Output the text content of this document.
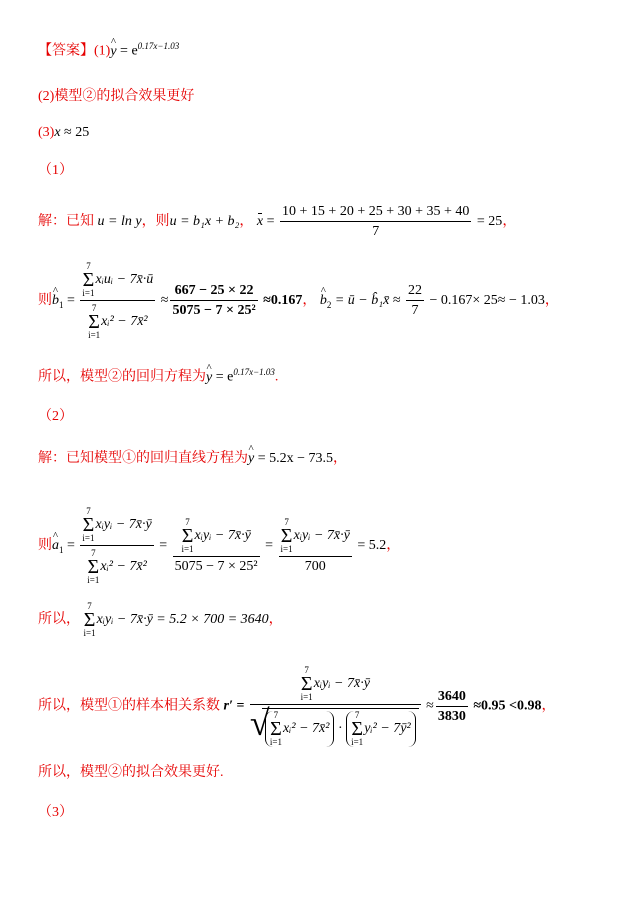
【答案】(1)^ $y = e^{0.17x-1.03}$
(2)模型②的拟合效果更好
(3)x ≈ 25
（1）
解：已知 u = ln y，则u = b₁x + b₂， $x = \frac{10 + 15 + 20 + 25 + 30 + 35 + 40}{7} = 25$，
则^ $b_1 = 7$
Σ
i=1xᵢuᵢ − 7x̄·ū
7
Σ
i=1xᵢ² − 7x̄² ≈ $\frac{667 - 25 \times 22}{\text{5075 − 7 × 25²}} \approx 0.167$， ^ $b_2$ = ū − b̂₁x̄ ≈ $\frac{22}{7} - 0.167\times 25\approx - 1.03$，
所以，模型②的回归方程为^ $y = e^{0.17x-1.03}$.
（2）
解：已知模型①的回归直线方程为^ y = 5.2x − 73.5，
则^ $a_1 = 7$
Σ
i=1xᵢyᵢ − 7x̄·ȳ
7
Σ
i=1xᵢ² − 7x̄² = 7
Σ
i=1xᵢyᵢ − 7x̄·ȳ
5075 − 7 × 25² = 7
Σ
i=1xᵢyᵢ − 7x̄·ȳ
700 = 5.2，
所以， 7
Σ
i=1xᵢyᵢ − 7x̄·ȳ = 5.2 × 700 = 3640，
所以，模型①的样本相关系数 r′ = 7
Σ
i=1xᵢyᵢ − 7x̄·ȳ
√ 7
Σ
i=1xᵢ² − 7x̄² · 7
Σ
i=1yᵢ² − 7ȳ² ≈ $\frac{3640}{3830} \approx 0.95 <0.98$，
所以，模型②的拟合效果更好.
（3）
